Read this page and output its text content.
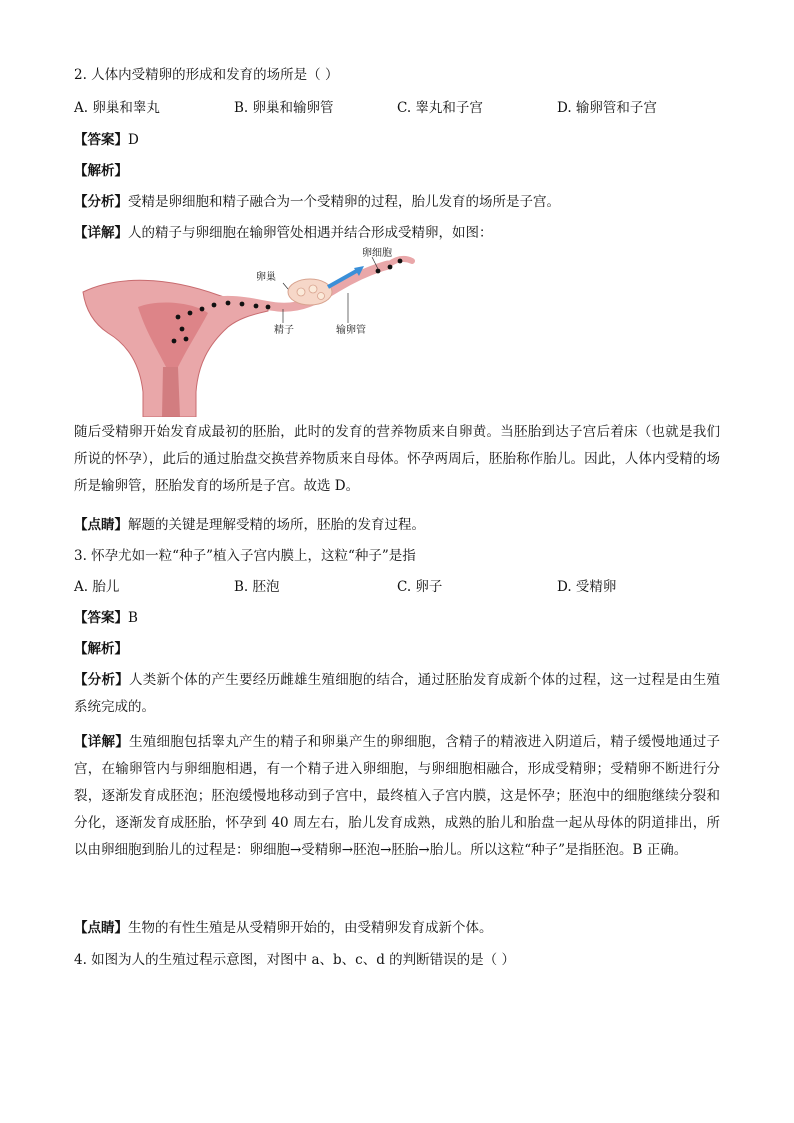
2. 人体内受精卵的形成和发育的场所是（ ）
A. 卵巢和睾丸	B. 卵巢和输卵管	C. 睾丸和子宫	D. 输卵管和子宫
【答案】D
【解析】
【分析】受精是卵细胞和精子融合为一个受精卵的过程，胎儿发育的场所是子宫。
【详解】人的精子与卵细胞在输卵管处相遇并结合形成受精卵，如图：
卵巢
卵细胞
精子	输卵管
随后受精卵开始发育成最初的胚胎，此时的发育的营养物质来自卵黄。当胚胎到达子宫后着床（也就是我们所说的怀孕），此后的通过胎盘交换营养物质来自母体。怀孕两周后，胚胎称作胎儿。因此，人体内受精的场所是输卵管，胚胎发育的场所是子宫。故选 D。
【点睛】解题的关键是理解受精的场所，胚胎的发育过程。
3. 怀孕尤如一粒“种子”植入子宫内膜上，这粒“种子”是指
A. 胎儿	B. 胚泡	C. 卵子	D. 受精卵
【答案】B
【解析】
【分析】人类新个体的产生要经历雌雄生殖细胞的结合，通过胚胎发育成新个体的过程，这一过程是由生殖系统完成的。
【详解】生殖细胞包括睾丸产生的精子和卵巢产生的卵细胞，含精子的精液进入阴道后，精子缓慢地通过子宫，在输卵管内与卵细胞相遇，有一个精子进入卵细胞，与卵细胞相融合，形成受精卵；受精卵不断进行分裂，逐渐发育成胚泡；胚泡缓慢地移动到子宫中，最终植入子宫内膜，这是怀孕；胚泡中的细胞继续分裂和分化，逐渐发育成胚胎，怀孕到 40 周左右，胎儿发育成熟，成熟的胎儿和胎盘一起从母体的阴道排出，所以由卵细胞到胎儿的过程是：卵细胞→受精卵→胚泡→胚胎→胎儿。所以这粒“种子”是指胚泡。B 正确。
【点睛】生物的有性生殖是从受精卵开始的，由受精卵发育成新个体。
4. 如图为人的生殖过程示意图，对图中 a、b、c、d 的判断错误的是（ ）
